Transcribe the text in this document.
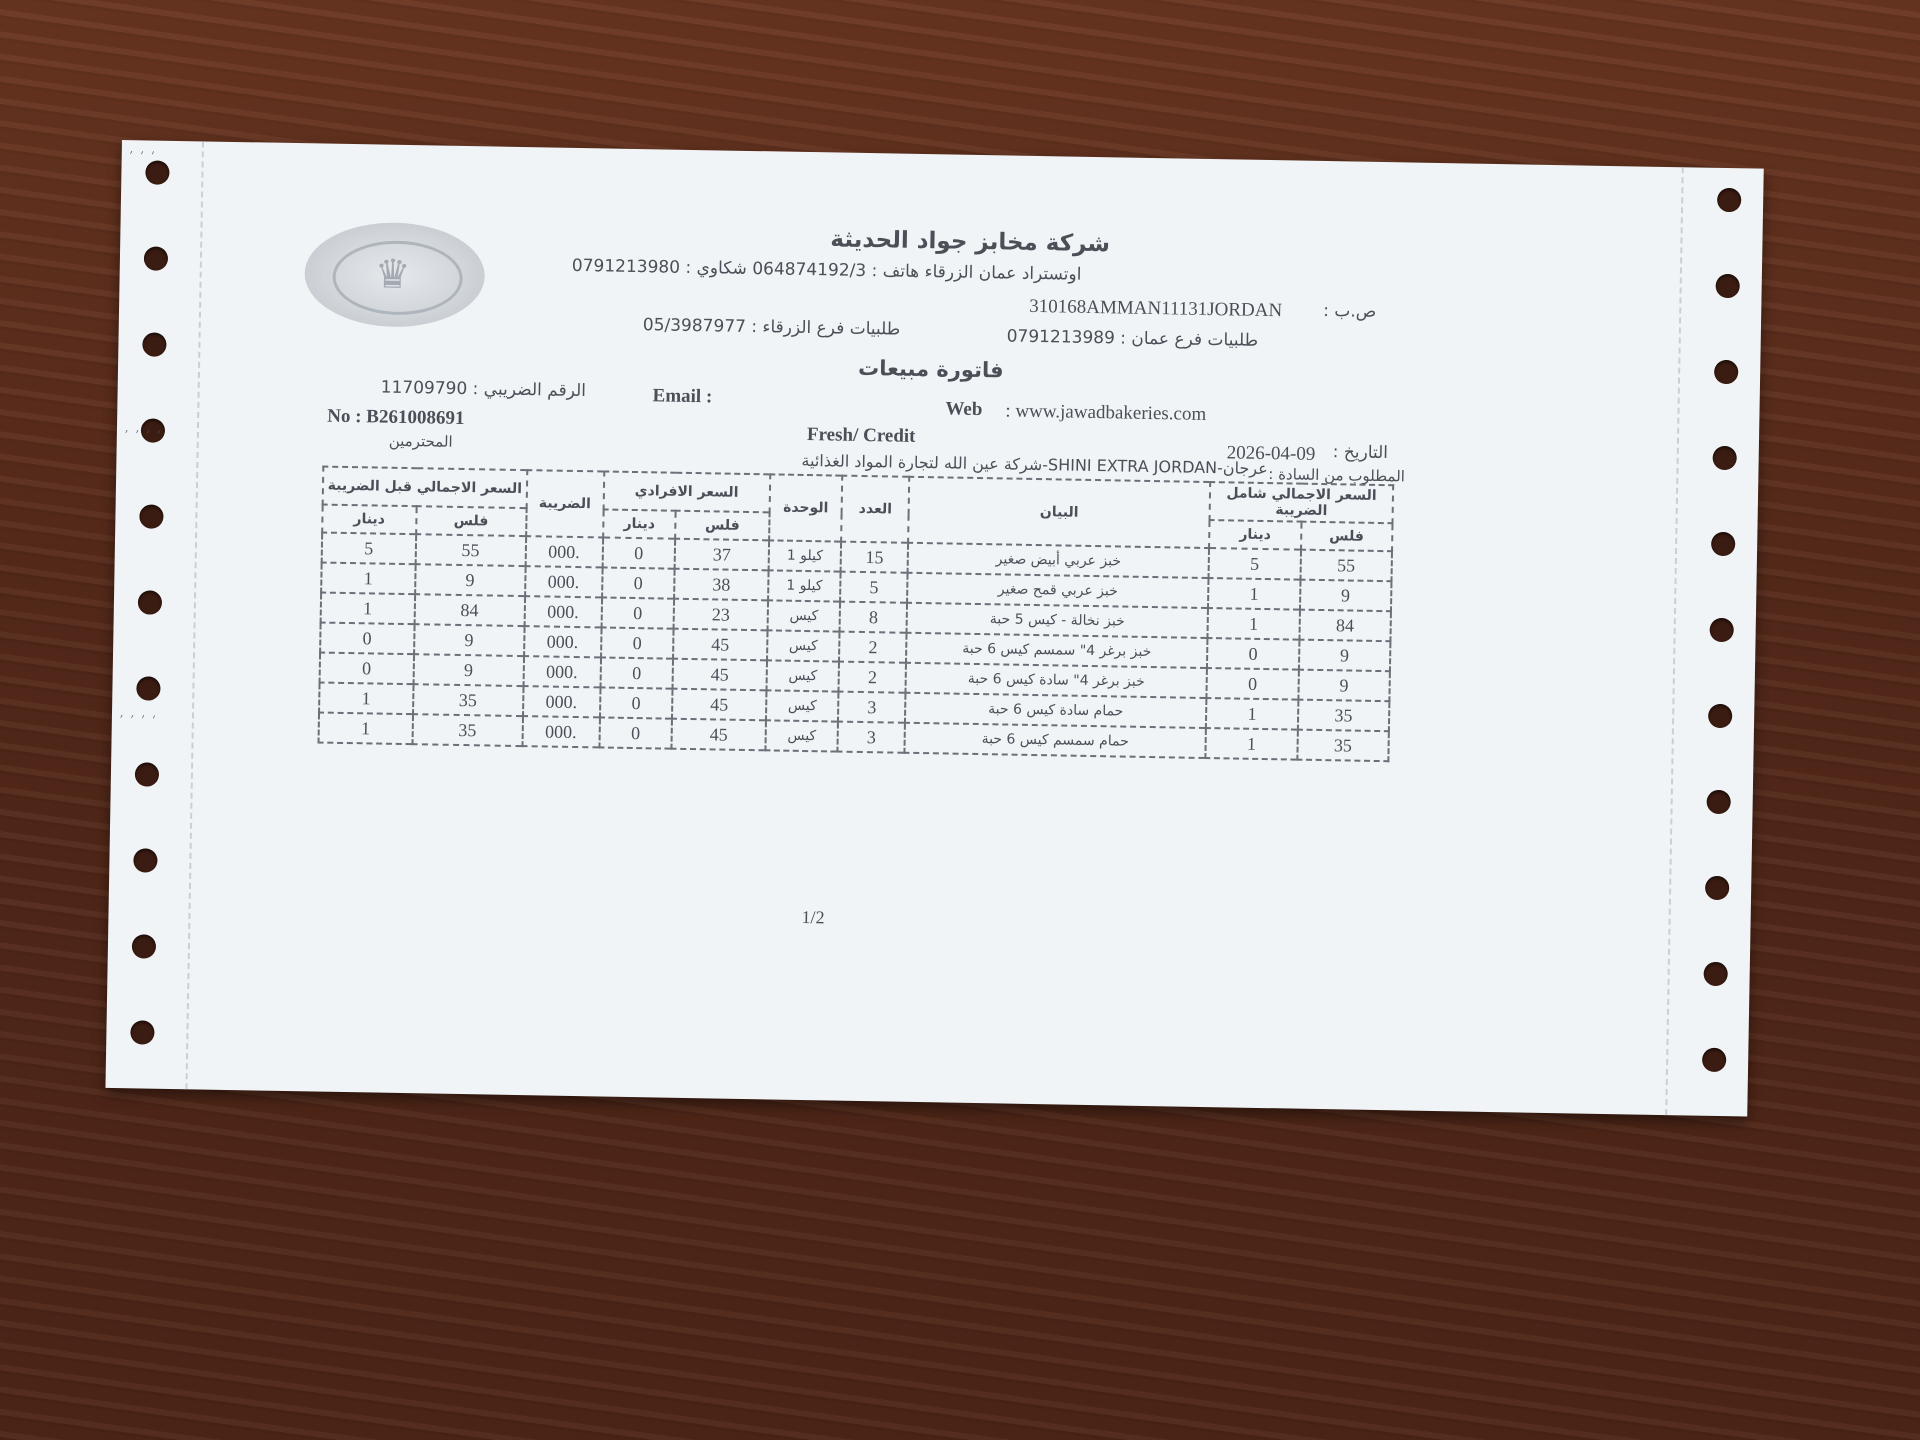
׳ ׳ ׳
׳ ׳ ׳ ׳
׳ ׳ ׳ ׳
♛
شركة مخابز جواد الحديثة
اوتستراد عمان الزرقاء هاتف : 064874192/3 شكاوي : 0791213980
310168AMMAN11131JORDAN ص.ب :
طلبيات فرع عمان : 0791213989
طلبيات فرع الزرقاء : 05/3987977
فاتورة مبيعات
الرقم الضريبي : 11709790	Email :
Web : www.jawadbakeries.com
No : B261008691
Fresh/ Credit
2026-04-09 التاريخ :
المحترمين
عرجان-SHINI EXTRA JORDAN-شركة عين الله لتجارة المواد الغذائية المطلوب من السادة :
السعر الاجمالي شامل الضريبة		البيان	العدد	الوحدة	السعر الافرادي		الضريبة	السعر الاجمالي قبل الضريبة	
فلس	دينار				فلس	دينار		فلس	دينار
55	5	خبز عربي أبيض صغير	15	كيلو 1	37	0	.000	55	5
9	1	خبز عربي قمح صغير	5	كيلو 1	38	0	.000	9	1
84	1	خبز نخالة - كيس 5 حبة	8	كيس	23	0	.000	84	1
9	0	خبز برغر 4" سمسم كيس 6 حبة	2	كيس	45	0	.000	9	0
9	0	خبز برغر 4" سادة كيس 6 حبة	2	كيس	45	0	.000	9	0
35	1	حمام سادة كيس 6 حبة	3	كيس	45	0	.000	35	1
35	1	حمام سمسم كيس 6 حبة	3	كيس	45	0	.000	35	1
1/2
